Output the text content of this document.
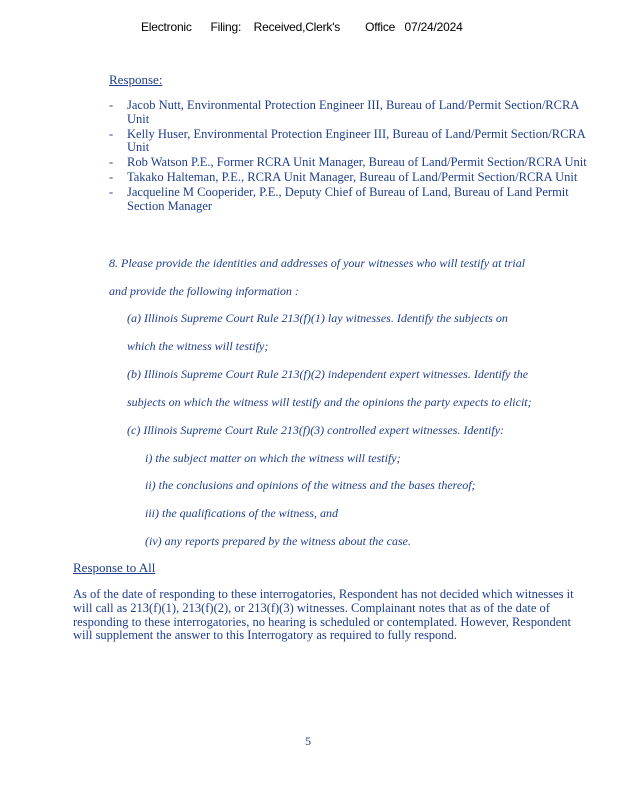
Electronic      Filing:    Received,Clerk's        Office   07/24/2024
Response:
- Jacob Nutt, Environmental Protection Engineer III, Bureau of Land/Permit Section/RCRA Unit
- Kelly Huser, Environmental Protection Engineer III, Bureau of Land/Permit Section/RCRA Unit
- Rob Watson P.E., Former RCRA Unit Manager, Bureau of Land/Permit Section/RCRA Unit
- Takako Halteman, P.E., RCRA Unit Manager, Bureau of Land/Permit Section/RCRA Unit
- Jacqueline M Cooperider, P.E., Deputy Chief of Bureau of Land, Bureau of Land Permit Section Manager
8. Please provide the identities and addresses of your witnesses who will testify at trial
and provide the following information :
(a) Illinois Supreme Court Rule 213(f)(1) lay witnesses. Identify the subjects on
which the witness will testify;
(b) Illinois Supreme Court Rule 213(f)(2) independent expert witnesses. Identify the
subjects on which the witness will testify and the opinions the party expects to elicit;
(c) Illinois Supreme Court Rule 213(f)(3) controlled expert witnesses. Identify:
i) the subject matter on which the witness will testify;
ii) the conclusions and opinions of the witness and the bases thereof;
iii) the qualifications of the witness, and
(iv) any reports prepared by the witness about the case.
Response to All

As of the date of responding to these interrogatories, Respondent has not decided which witnesses it will call as 213(f)(1), 213(f)(2), or 213(f)(3) witnesses. Complainant notes that as of the date of responding to these interrogatories, no hearing is scheduled or contemplated. However, Respondent will supplement the answer to this Interrogatory as required to fully respond.

5
